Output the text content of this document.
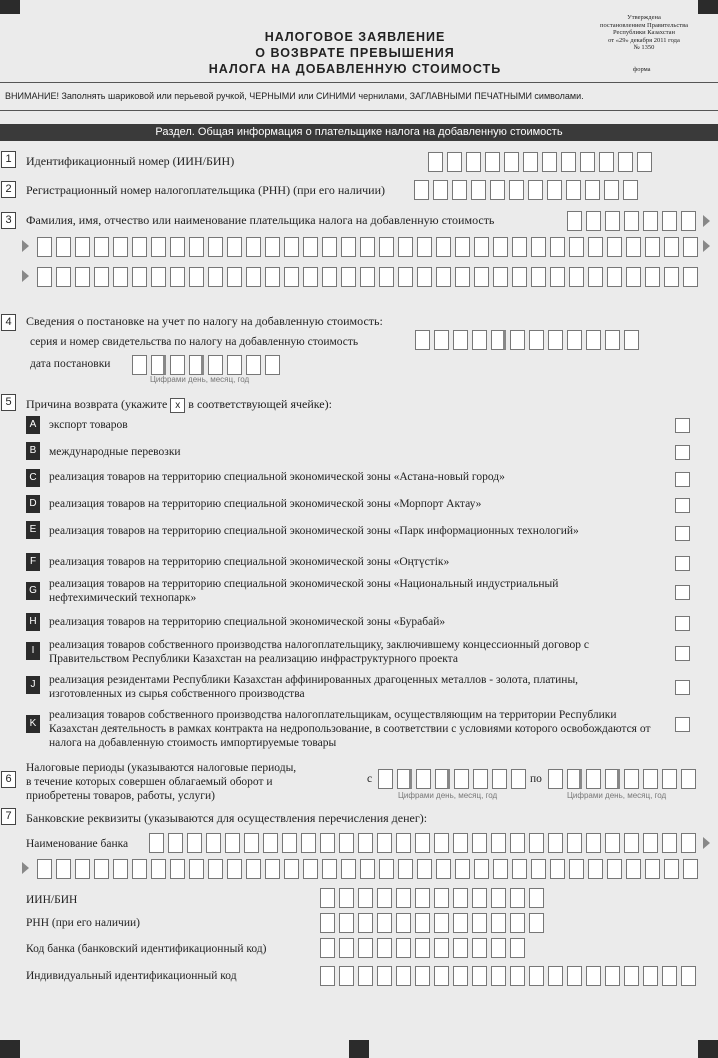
НАЛОГОВОЕ ЗАЯВЛЕНИЕ
О ВОЗВРАТЕ ПРЕВЫШЕНИЯ
НАЛОГА НА ДОБАВЛЕННУЮ СТОИМОСТЬ
Утверждена
постановлением Правительства
Республики Казахстан
от «29» декабря 2011 года
№ 1350
форма
ВНИМАНИЕ! Заполнять шариковой или перьевой ручкой, ЧЕРНЫМИ или СИНИМИ чернилами, ЗАГЛАВНЫМИ ПЕЧАТНЫМИ символами.
Раздел. Общая информация о плательщике налога на добавленную стоимость
1	Идентификационный номер (ИИН/БИН)
2	Регистрационный номер налогоплательщика (РНН) (при его наличии)
3	Фамилия, имя, отчество или наименование плательщика налога на добавленную стоимость
4	Сведения о постановке на учет по налогу на добавленную стоимость:
серия и номер свидетельства по налогу на добавленную стоимость
дата постановки
Цифрами день, месяц, год
5	Причина возврата (укажите x в соответствующей ячейке):
A	экспорт товаров
B	международные перевозки
C реализация товаров на территорию специальной экономической зоны «Астана-новый город»
D реализация товаров на территорию специальной экономической зоны «Морпорт Актау»
E	реализация товаров на территорию специальной экономической зоны «Парк информационных технологий»
F	реализация товаров на территорию специальной экономической зоны «Оңтүстік»
G
реализация товаров на территорию специальной экономической зоны «Национальный индустриальный нефтехимический технопарк»
H реализация товаров на территорию специальной экономической зоны «Бурабай»
I	реализация товаров собственного производства налогоплательщику, заключившему концессионный договор с Правительством Республики Казахстан на реализацию инфраструктурного проекта
J	реализация резидентами Республики Казахстан аффинированных драгоценных металлов - золота, платины, изготовленных из сырья собственного производства
K
реализация товаров собственного производства налогоплательщикам, осуществляющим на территории Республики Казахстан деятельность в рамках контракта на недропользование, в соответствии с условиями которого освобождаются от налога на добавленную стоимость импортируемые товары
6
Налоговые периоды (указываются налоговые периоды,
в течение которых совершен облагаемый оборот и
приобретены товаров, работы, услуги)
с	по
Цифрами день, месяц, год	Цифрами день, месяц, год
7	Банковские реквизиты (указываются для осуществления перечисления денег):
Наименование банка
ИИН/БИН
РНН (при его наличии)
Код банка (банковский идентификационный код)
Индивидуальный идентификационный код
